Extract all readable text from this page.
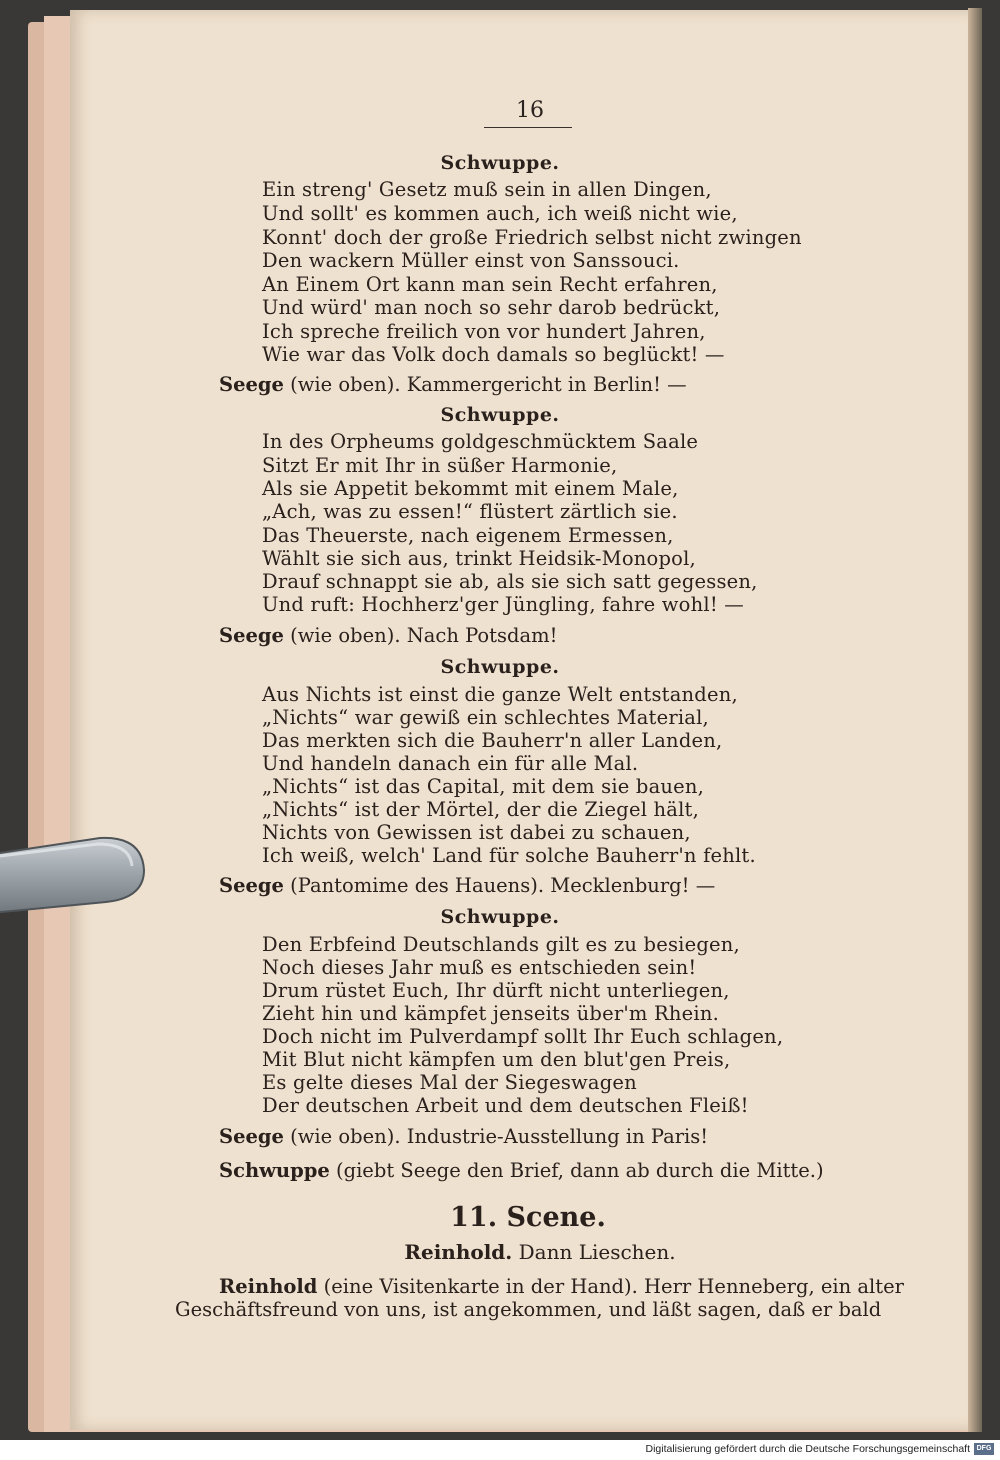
16
Schwuppe.
Ein streng' Gesetz muß sein in allen Dingen,
Und sollt' es kommen auch, ich weiß nicht wie,
Konnt' doch der große Friedrich selbst nicht zwingen
Den wackern Müller einst von Sanssouci.
An Einem Ort kann man sein Recht erfahren,
Und würd' man noch so sehr darob bedrückt,
Ich spreche freilich von vor hundert Jahren,
Wie war das Volk doch damals so beglückt! —
Seege (wie oben). Kammergericht in Berlin! —
Schwuppe.
In des Orpheums goldgeschmücktem Saale
Sitzt Er mit Ihr in süßer Harmonie,
Als sie Appetit bekommt mit einem Male,
„Ach, was zu essen!“ flüstert zärtlich sie.
Das Theuerste, nach eigenem Ermessen,
Wählt sie sich aus, trinkt Heidsik-Monopol,
Drauf schnappt sie ab, als sie sich satt gegessen,
Und ruft: Hochherz'ger Jüngling, fahre wohl! —
Seege (wie oben). Nach Potsdam!
Schwuppe.
Aus Nichts ist einst die ganze Welt entstanden,
„Nichts“ war gewiß ein schlechtes Material,
Das merkten sich die Bauherr'n aller Landen,
Und handeln danach ein für alle Mal.
„Nichts“ ist das Capital, mit dem sie bauen,
„Nichts“ ist der Mörtel, der die Ziegel hält,
Nichts von Gewissen ist dabei zu schauen,
Ich weiß, welch' Land für solche Bauherr'n fehlt.
Seege (Pantomime des Hauens). Mecklenburg! —
Schwuppe.
Den Erbfeind Deutschlands gilt es zu besiegen,
Noch dieses Jahr muß es entschieden sein!
Drum rüstet Euch, Ihr dürft nicht unterliegen,
Zieht hin und kämpfet jenseits über'm Rhein.
Doch nicht im Pulverdampf sollt Ihr Euch schlagen,
Mit Blut nicht kämpfen um den blut'gen Preis,
Es gelte dieses Mal der Siegeswagen
Der deutschen Arbeit und dem deutschen Fleiß!
Seege (wie oben). Industrie-Ausstellung in Paris!
Schwuppe (giebt Seege den Brief, dann ab durch die Mitte.)
11. Scene.
Reinhold. Dann Lieschen.
Reinhold (eine Visitenkarte in der Hand). Herr Henneberg, ein alter
Geschäftsfreund von uns, ist angekommen, und läßt sagen, daß er bald
Digitalisierung gefördert durch die Deutsche Forschungsgemeinschaft DFG
